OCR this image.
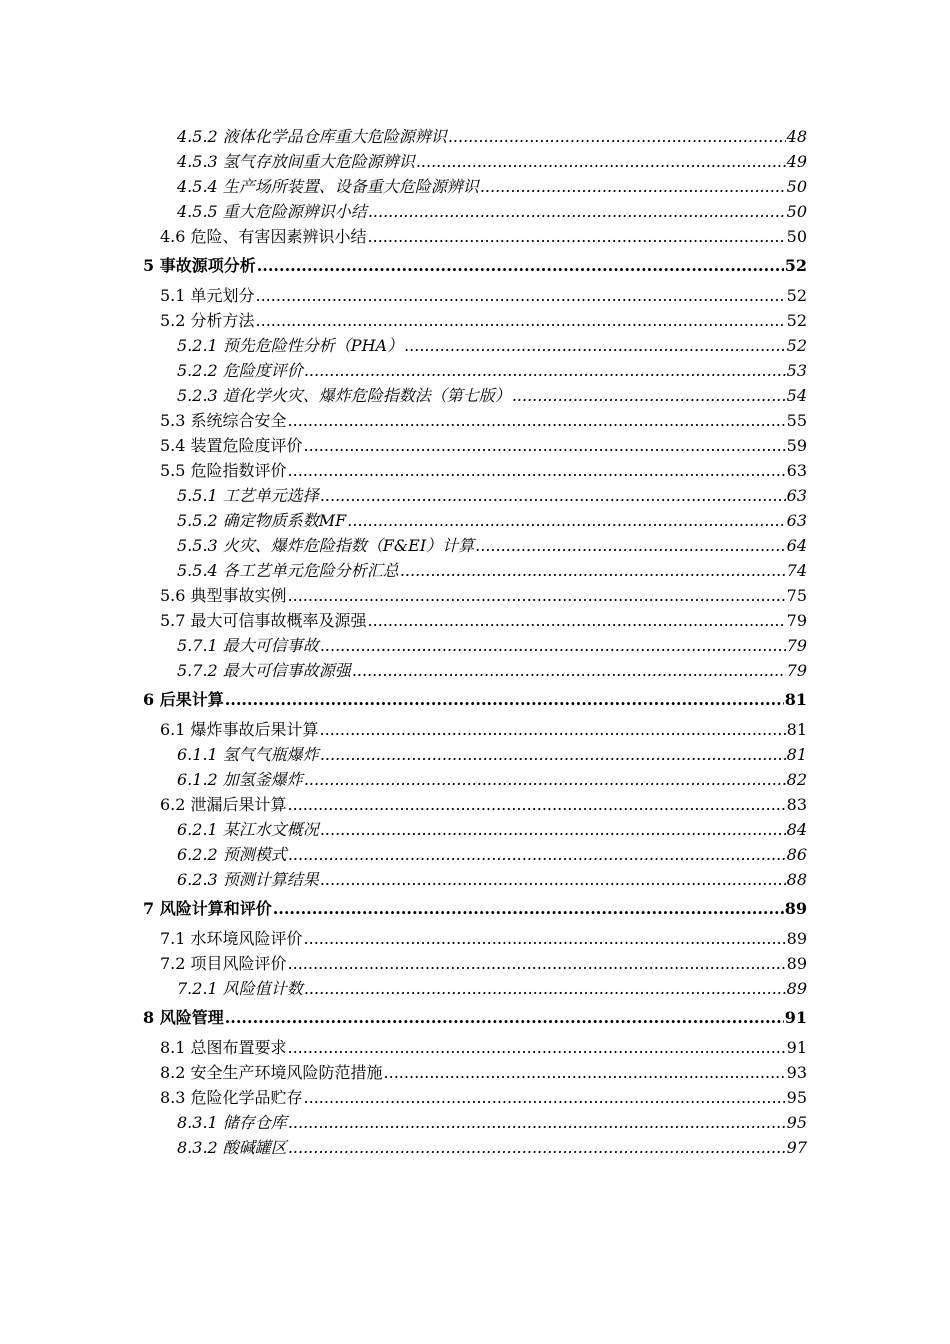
4.5.2 液体化学品仓库重大危险源辨识 .....	48
4.5.3 氢气存放间重大危险源辨识 .....	49
4.5.4 生产场所装置、设备重大危险源辨识 .....	50
4.5.5 重大危险源辨识小结 .....	50
4.6 危险、有害因素辨识小结 .....	50
5 事故源项分析 .....	52
5.1 单元划分 .....	52
5.2 分析方法 .....	52
5.2.1 预先危险性分析（PHA） .....	52
5.2.2 危险度评价 .....	53
5.2.3 道化学火灾、爆炸危险指数法（第七版） .....	54
5.3 系统综合安全 .....	55
5.4 装置危险度评价 .....	59
5.5 危险指数评价 .....	63
5.5.1 工艺单元选择 .....	63
5.5.2 确定物质系数MF .....	63
5.5.3 火灾、爆炸危险指数（F&EI）计算 .....	64
5.5.4 各工艺单元危险分析汇总 .....	74
5.6 典型事故实例 .....	75
5.7 最大可信事故概率及源强 .....	79
5.7.1 最大可信事故 .....	79
5.7.2 最大可信事故源强 .....	79
6 后果计算 .....	81
6.1 爆炸事故后果计算 .....	81
6.1.1 氢气气瓶爆炸 .....	81
6.1.2 加氢釜爆炸 .....	82
6.2 泄漏后果计算 .....	83
6.2.1 某江水文概况 .....	84
6.2.2 预测模式 .....	86
6.2.3 预测计算结果 .....	88
7 风险计算和评价 .....	89
7.1 水环境风险评价 .....	89
7.2 项目风险评价 .....	89
7.2.1 风险值计数 .....	89
8 风险管理 .....	91
8.1 总图布置要求 .....	91
8.2 安全生产环境风险防范措施 .....	93
8.3 危险化学品贮存 .....	95
8.3.1 储存仓库 .....	95
8.3.2 酸碱罐区 .....	97
